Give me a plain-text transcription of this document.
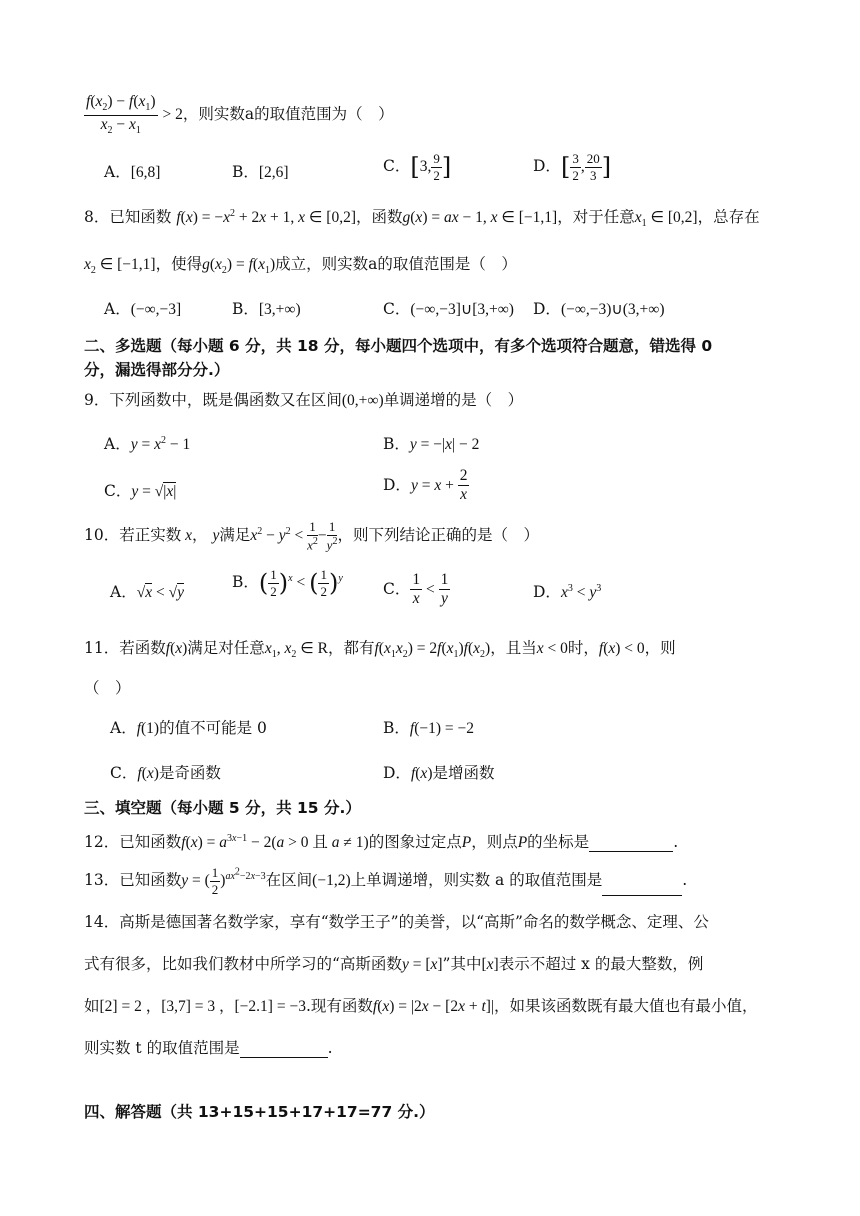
$\frac{f(x_2) - f(x_1)}{x_2 - x_1} > 2$，则实数a的取值范围为（　）
A．[6,8]	B．[2,6]	C．[3, $\frac{9}{2}$ ]	D．[ $\frac{3}{2}$ , $\frac{20}{3}$ ]
8．已知函数 $f(x) = -x^2 + 2x + 1$, x ∈ [0,2]，函数g(x) = ax − 1, x ∈ [−1,1]，对于任意$x_1$ ∈ [0,2]，总存在
$x_2$ ∈ [−1,1]，使得$g(x_2) = f(x_1)$成立，则实数a的取值范围是（　）
A．(−∞,−3]	B．[3,+∞)	C．(−∞,−3]∪[3,+∞) D．(−∞,−3)∪(3,+∞)
二、多选题（每小题 6 分，共 18 分，每小题四个选项中，有多个选项符合题意，错选得 0
分，漏选得部分分.）
9．下列函数中，既是偶函数又在区间(0,+∞)单调递增的是（　）
A．$y = x^2 - 1$	B．y = −|x| − 2
C．y = √|x|	D．$y = x + \frac{2}{x}$
10．若正实数 x， y满足$x^2 - y^2 < \frac{1}{x^2} - \frac{1}{y^2}$ ，则下列结论正确的是（　）
A．√x < √y
B．( $\frac{1}{2} )^x$ < ( $\frac{1}{2} )^y$
C． $\frac{1}{x} < \frac{1}{y}$	D．$x^3 < y^3$
11．若函数f(x)满足对任意$x_1$, $x_2$ ∈ R，都有$f(x_1x_2) = 2f(x_1)f(x_2)$，且当x < 0时，f(x) < 0，则
（　）
A．f(1)的值不可能是 0	B．f(−1) = −2
C．f(x)是奇函数	D．f(x)是增函数
三、填空题（每小题 5 分，共 15 分.）
12．已知函数$f(x) = a^{3x-1} - 2(a > 0$ 且 a ≠ 1)的图象过定点P，则点P的坐标是	.
13．已知函数y = ( $\frac{1}{2} )^{ax^2-2x-3}$在区间(−1,2)上单调递增，则实数 a 的取值范围是	.
14．高斯是德国著名数学家，享有“数学王子”的美誉，以“高斯”命名的数学概念、定理、公
式有很多，比如我们教材中所学习的“高斯函数y = [x]”其中[x]表示不超过 x 的最大整数，例
如[2] = 2 ，[3,7] = 3 ，[−2.1] = −3.现有函数f(x) = |2x − [2x + t]|，如果该函数既有最大值也有最小值，
则实数 t 的取值范围是	.
四、解答题（共 13+15+15+17+17=77 分.）
